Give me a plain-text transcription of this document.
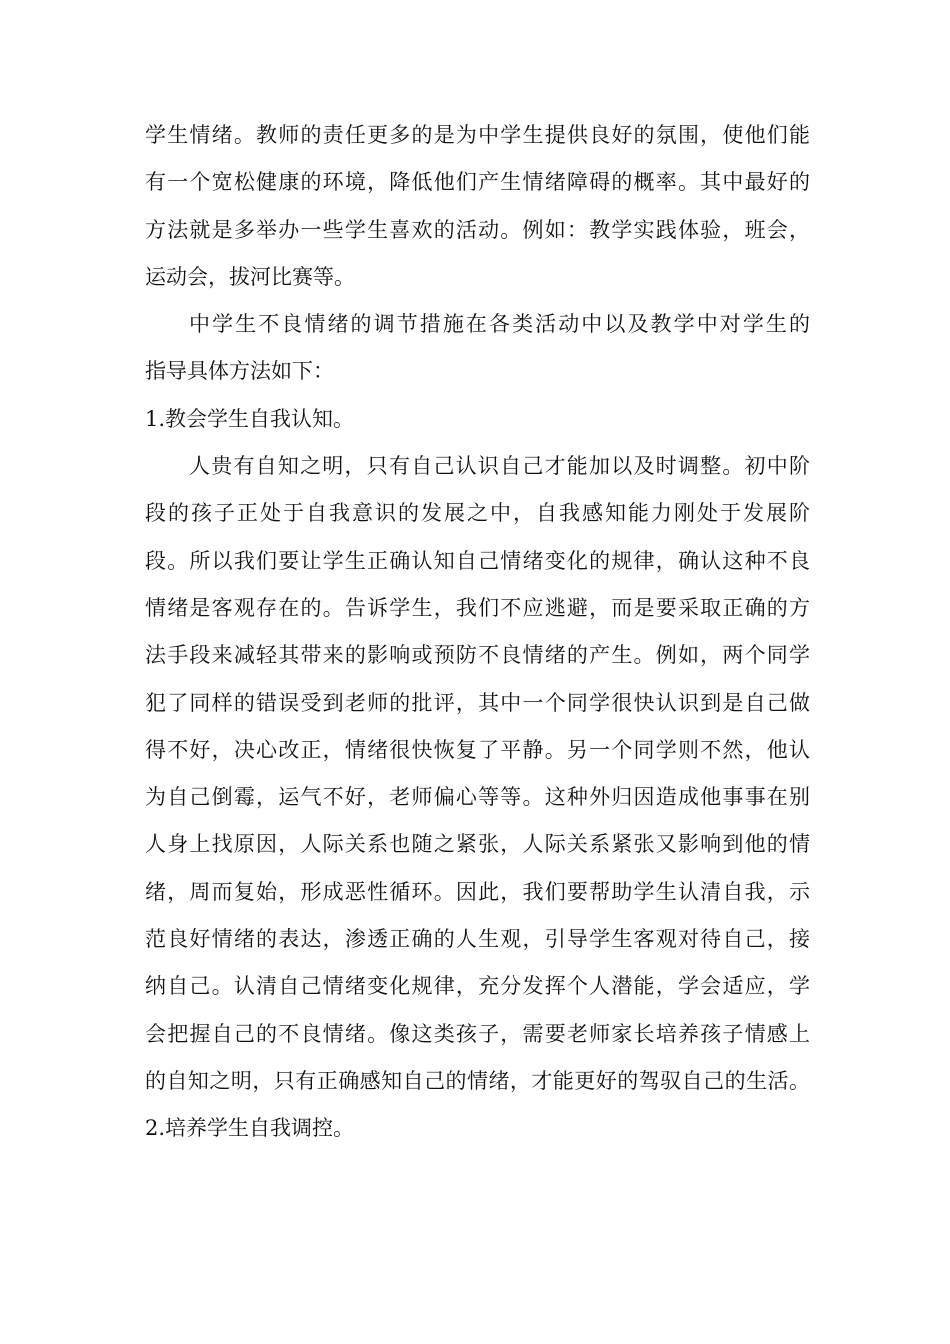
学生情绪。教师的责任更多的是为中学生提供良好的氛围，使他们能
有一个宽松健康的环境，降低他们产生情绪障碍的概率。其中最好的
方法就是多举办一些学生喜欢的活动。例如：教学实践体验，班会，
运动会，拔河比赛等。
中学生不良情绪的调节措施在各类活动中以及教学中对学生的
指导具体方法如下：
1.教会学生自我认知。
人贵有自知之明，只有自己认识自己才能加以及时调整。初中阶
段的孩子正处于自我意识的发展之中，自我感知能力刚处于发展阶
段。所以我们要让学生正确认知自己情绪变化的规律，确认这种不良
情绪是客观存在的。告诉学生，我们不应逃避，而是要采取正确的方
法手段来减轻其带来的影响或预防不良情绪的产生。例如，两个同学
犯了同样的错误受到老师的批评，其中一个同学很快认识到是自己做
得不好，决心改正，情绪很快恢复了平静。另一个同学则不然，他认
为自己倒霉，运气不好，老师偏心等等。这种外归因造成他事事在别
人身上找原因，人际关系也随之紧张，人际关系紧张又影响到他的情
绪，周而复始，形成恶性循环。因此，我们要帮助学生认清自我，示
范良好情绪的表达，渗透正确的人生观，引导学生客观对待自己，接
纳自己。认清自己情绪变化规律，充分发挥个人潜能，学会适应，学
会把握自己的不良情绪。像这类孩子，需要老师家长培养孩子情感上
的自知之明，只有正确感知自己的情绪，才能更好的驾驭自己的生活。
2.培养学生自我调控。
